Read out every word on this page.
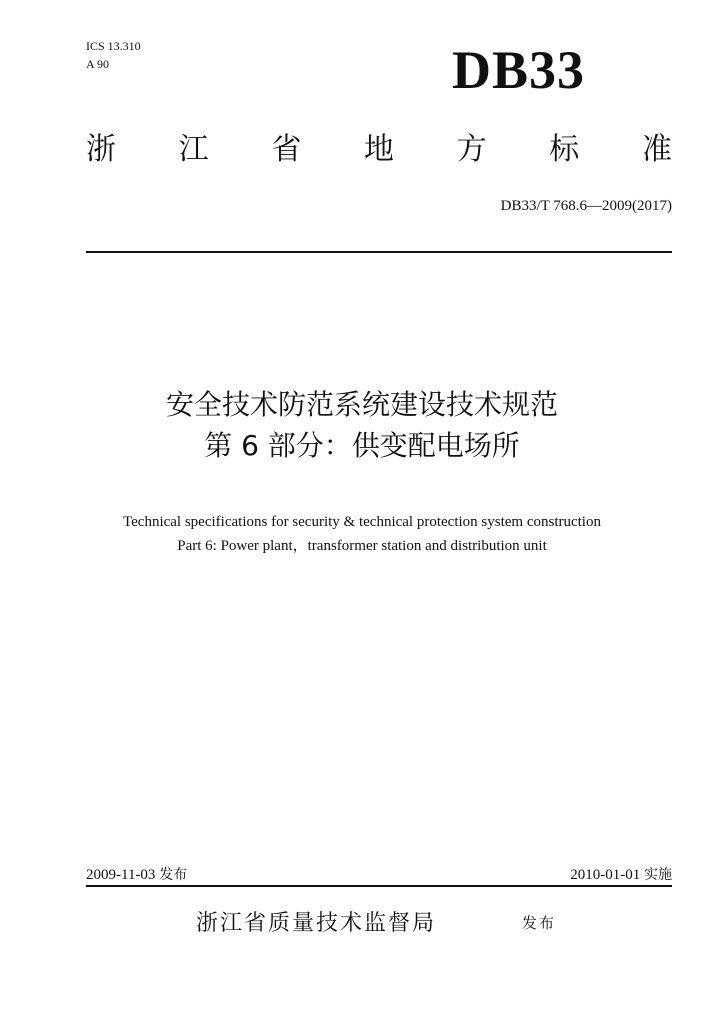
ICS 13.310
A 90	DB33
浙 江 省 地 方 标 准
DB33/T 768.6—2009(2017)
安全技术防范系统建设技术规范
第 6 部分：供变配电场所
Technical specifications for security & technical protection system construction
Part 6: Power plant，transformer station and distribution unit
2009-11-03 发布	2010-01-01 实施
浙江省质量技术监督局	发布
